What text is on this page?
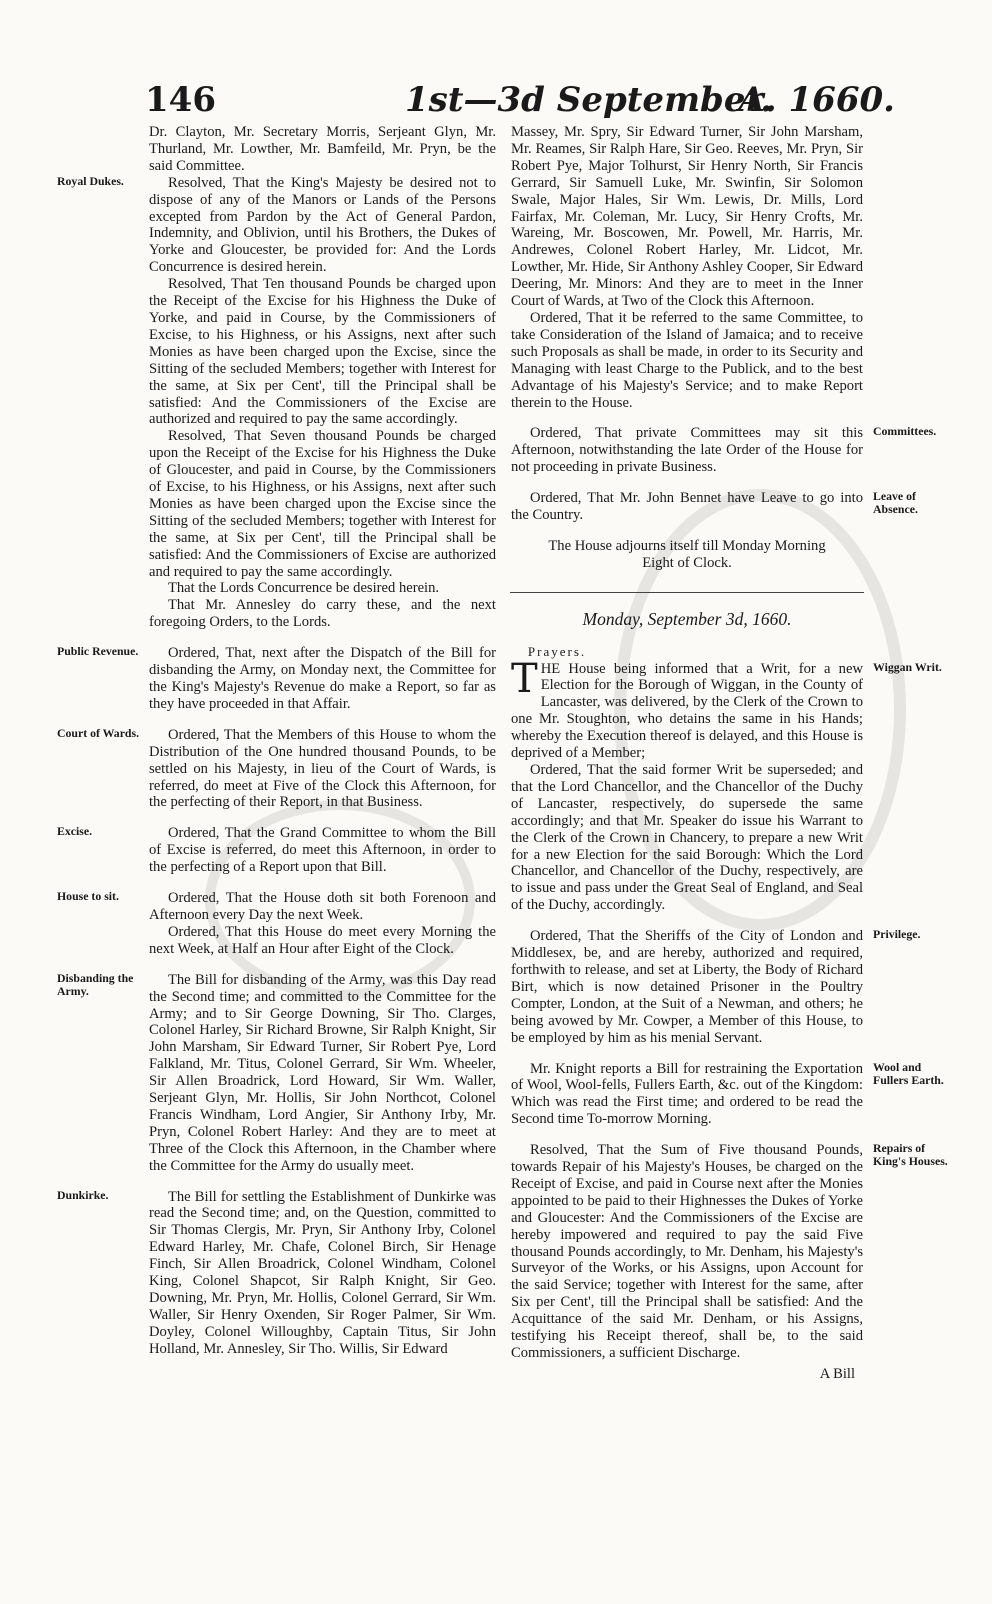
146	1st—3d September.
A. 1660.

Dr. Clayton, Mr. Secretary Morris, Serjeant Glyn, Mr. Thurland, Mr. Lowther, Mr. Bamfeild, Mr. Pryn, be the said Committee.

Royal Dukes.	Resolved, That the King's Majesty be desired not to dispose of any of the Manors or Lands of the Persons excepted from Pardon by the Act of General Pardon, Indemnity, and Oblivion, until his Brothers, the Dukes of Yorke and Gloucester, be provided for: And the Lords Concurrence is desired herein.

Resolved, That Ten thousand Pounds be charged upon the Receipt of the Excise for his Highness the Duke of Yorke, and paid in Course, by the Commissioners of Excise, to his Highness, or his Assigns, next after such Monies as have been charged upon the Excise, since the Sitting of the secluded Members; together with Interest for the same, at Six per Cent', till the Principal shall be satisfied: And the Commissioners of the Excise are authorized and required to pay the same accordingly.

Resolved, That Seven thousand Pounds be charged upon the Receipt of the Excise for his Highness the Duke of Gloucester, and paid in Course, by the Commissioners of Excise, to his Highness, or his Assigns, next after such Monies as have been charged upon the Excise since the Sitting of the secluded Members; together with Interest for the same, at Six per Cent', till the Principal shall be satisfied: And the Commissioners of Excise are authorized and required to pay the same accordingly.

That the Lords Concurrence be desired herein.

That Mr. Annesley do carry these, and the next foregoing Orders, to the Lords.

Public Revenue.	Ordered, That, next after the Dispatch of the Bill for disbanding the Army, on Monday next, the Committee for the King's Majesty's Revenue do make a Report, so far as they have proceeded in that Affair.

Court of Wards. Ordered, That the Members of this House to whom the Distribution of the One hundred thousand Pounds, to be settled on his Majesty, in lieu of the Court of Wards, is referred, do meet at Five of the Clock this Afternoon, for the perfecting of their Report, in that Business.

Excise.	Ordered, That the Grand Committee to whom the Bill of Excise is referred, do meet this Afternoon, in order to the perfecting of a Report upon that Bill.

House to sit.	Ordered, That the House doth sit both Forenoon and Afternoon every Day the next Week.

Ordered, That this House do meet every Morning the next Week, at Half an Hour after Eight of the Clock.

Disbanding the Army.
The Bill for disbanding of the Army, was this Day read the Second time; and committed to the Committee for the Army; and to Sir George Downing, Sir Tho. Clarges, Colonel Harley, Sir Richard Browne, Sir Ralph Knight, Sir John Marsham, Sir Edward Turner, Sir Robert Pye, Lord Falkland, Mr. Titus, Colonel Gerrard, Sir Wm. Wheeler, Sir Allen Broadrick, Lord Howard, Sir Wm. Waller, Serjeant Glyn, Mr. Hollis, Sir John Northcot, Colonel Francis Windham, Lord Angier, Sir Anthony Irby, Mr. Pryn, Colonel Robert Harley: And they are to meet at Three of the Clock this Afternoon, in the Chamber where the Committee for the Army do usually meet.

Dunkirke.	The Bill for settling the Establishment of Dunkirke was read the Second time; and, on the Question, committed to Sir Thomas Clergis, Mr. Pryn, Sir Anthony Irby, Colonel Edward Harley, Mr. Chafe, Colonel Birch, Sir Henage Finch, Sir Allen Broadrick, Colonel Windham, Colonel King, Colonel Shapcot, Sir Ralph Knight, Sir Geo. Downing, Mr. Pryn, Mr. Hollis, Colonel Gerrard, Sir Wm. Waller, Sir Henry Oxenden, Sir Roger Palmer, Sir Wm. Doyley, Colonel Willoughby, Captain Titus, Sir John Holland, Mr. Annesley, Sir Tho. Willis, Sir Edward

Massey, Mr. Spry, Sir Edward Turner, Sir John Marsham, Mr. Reames, Sir Ralph Hare, Sir Geo. Reeves, Mr. Pryn, Sir Robert Pye, Major Tolhurst, Sir Henry North, Sir Francis Gerrard, Sir Samuell Luke, Mr. Swinfin, Sir Solomon Swale, Major Hales, Sir Wm. Lewis, Dr. Mills, Lord Fairfax, Mr. Coleman, Mr. Lucy, Sir Henry Crofts, Mr. Wareing, Mr. Boscowen, Mr. Powell, Mr. Harris, Mr. Andrewes, Colonel Robert Harley, Mr. Lidcot, Mr. Lowther, Mr. Hide, Sir Anthony Ashley Cooper, Sir Edward Deering, Mr. Minors: And they are to meet in the Inner Court of Wards, at Two of the Clock this Afternoon.

Ordered, That it be referred to the same Committee, to take Consideration of the Island of Jamaica; and to receive such Proposals as shall be made, in order to its Security and Managing with least Charge to the Publick, and to the best Advantage of his Majesty's Service; and to make Report therein to the House.

Committees.
Ordered, That private Committees may sit this Afternoon, notwithstanding the late Order of the House for not proceeding in private Business.

Leave of Absence.
Ordered, That Mr. John Bennet have Leave to go into the Country.

The House adjourns itself till Monday Morning Eight of Clock.

Monday, September 3d, 1660.

Prayers.

Wiggan Writ.
T HE House being informed that a Writ, for a new Election for the Borough of Wiggan, in the County of Lancaster, was delivered, by the Clerk of the Crown to one Mr. Stoughton, who detains the same in his Hands; whereby the Execution thereof is delayed, and this House is deprived of a Member;

Ordered, That the said former Writ be superseded; and that the Lord Chancellor, and the Chancellor of the Duchy of Lancaster, respectively, do supersede the same accordingly; and that Mr. Speaker do issue his Warrant to the Clerk of the Crown in Chancery, to prepare a new Writ for a new Election for the said Borough: Which the Lord Chancellor, and Chancellor of the Duchy, respectively, are to issue and pass under the Great Seal of England, and Seal of the Duchy, accordingly.

Privilege.
Ordered, That the Sheriffs of the City of London and Middlesex, be, and are hereby, authorized and required, forthwith to release, and set at Liberty, the Body of Richard Birt, which is now detained Prisoner in the Poultry Compter, London, at the Suit of a Newman, and others; he being avowed by Mr. Cowper, a Member of this House, to be employed by him as his menial Servant.

Wool and Fullers Earth.
Mr. Knight reports a Bill for restraining the Exportation of Wool, Wool-fells, Fullers Earth, &c. out of the Kingdom: Which was read the First time; and ordered to be read the Second time To-morrow Morning.

Repairs of King's Houses.
Resolved, That the Sum of Five thousand Pounds, towards Repair of his Majesty's Houses, be charged on the Receipt of Excise, and paid in Course next after the Monies appointed to be paid to their Highnesses the Dukes of Yorke and Gloucester: And the Commissioners of the Excise are hereby impowered and required to pay the said Five thousand Pounds accordingly, to Mr. Denham, his Majesty's Surveyor of the Works, or his Assigns, upon Account for the said Service; together with Interest for the same, after Six per Cent', till the Principal shall be satisfied: And the Acquittance of the said Mr. Denham, or his Assigns, testifying his Receipt thereof, shall be, to the said Commissioners, a sufficient Discharge.

A Bill
